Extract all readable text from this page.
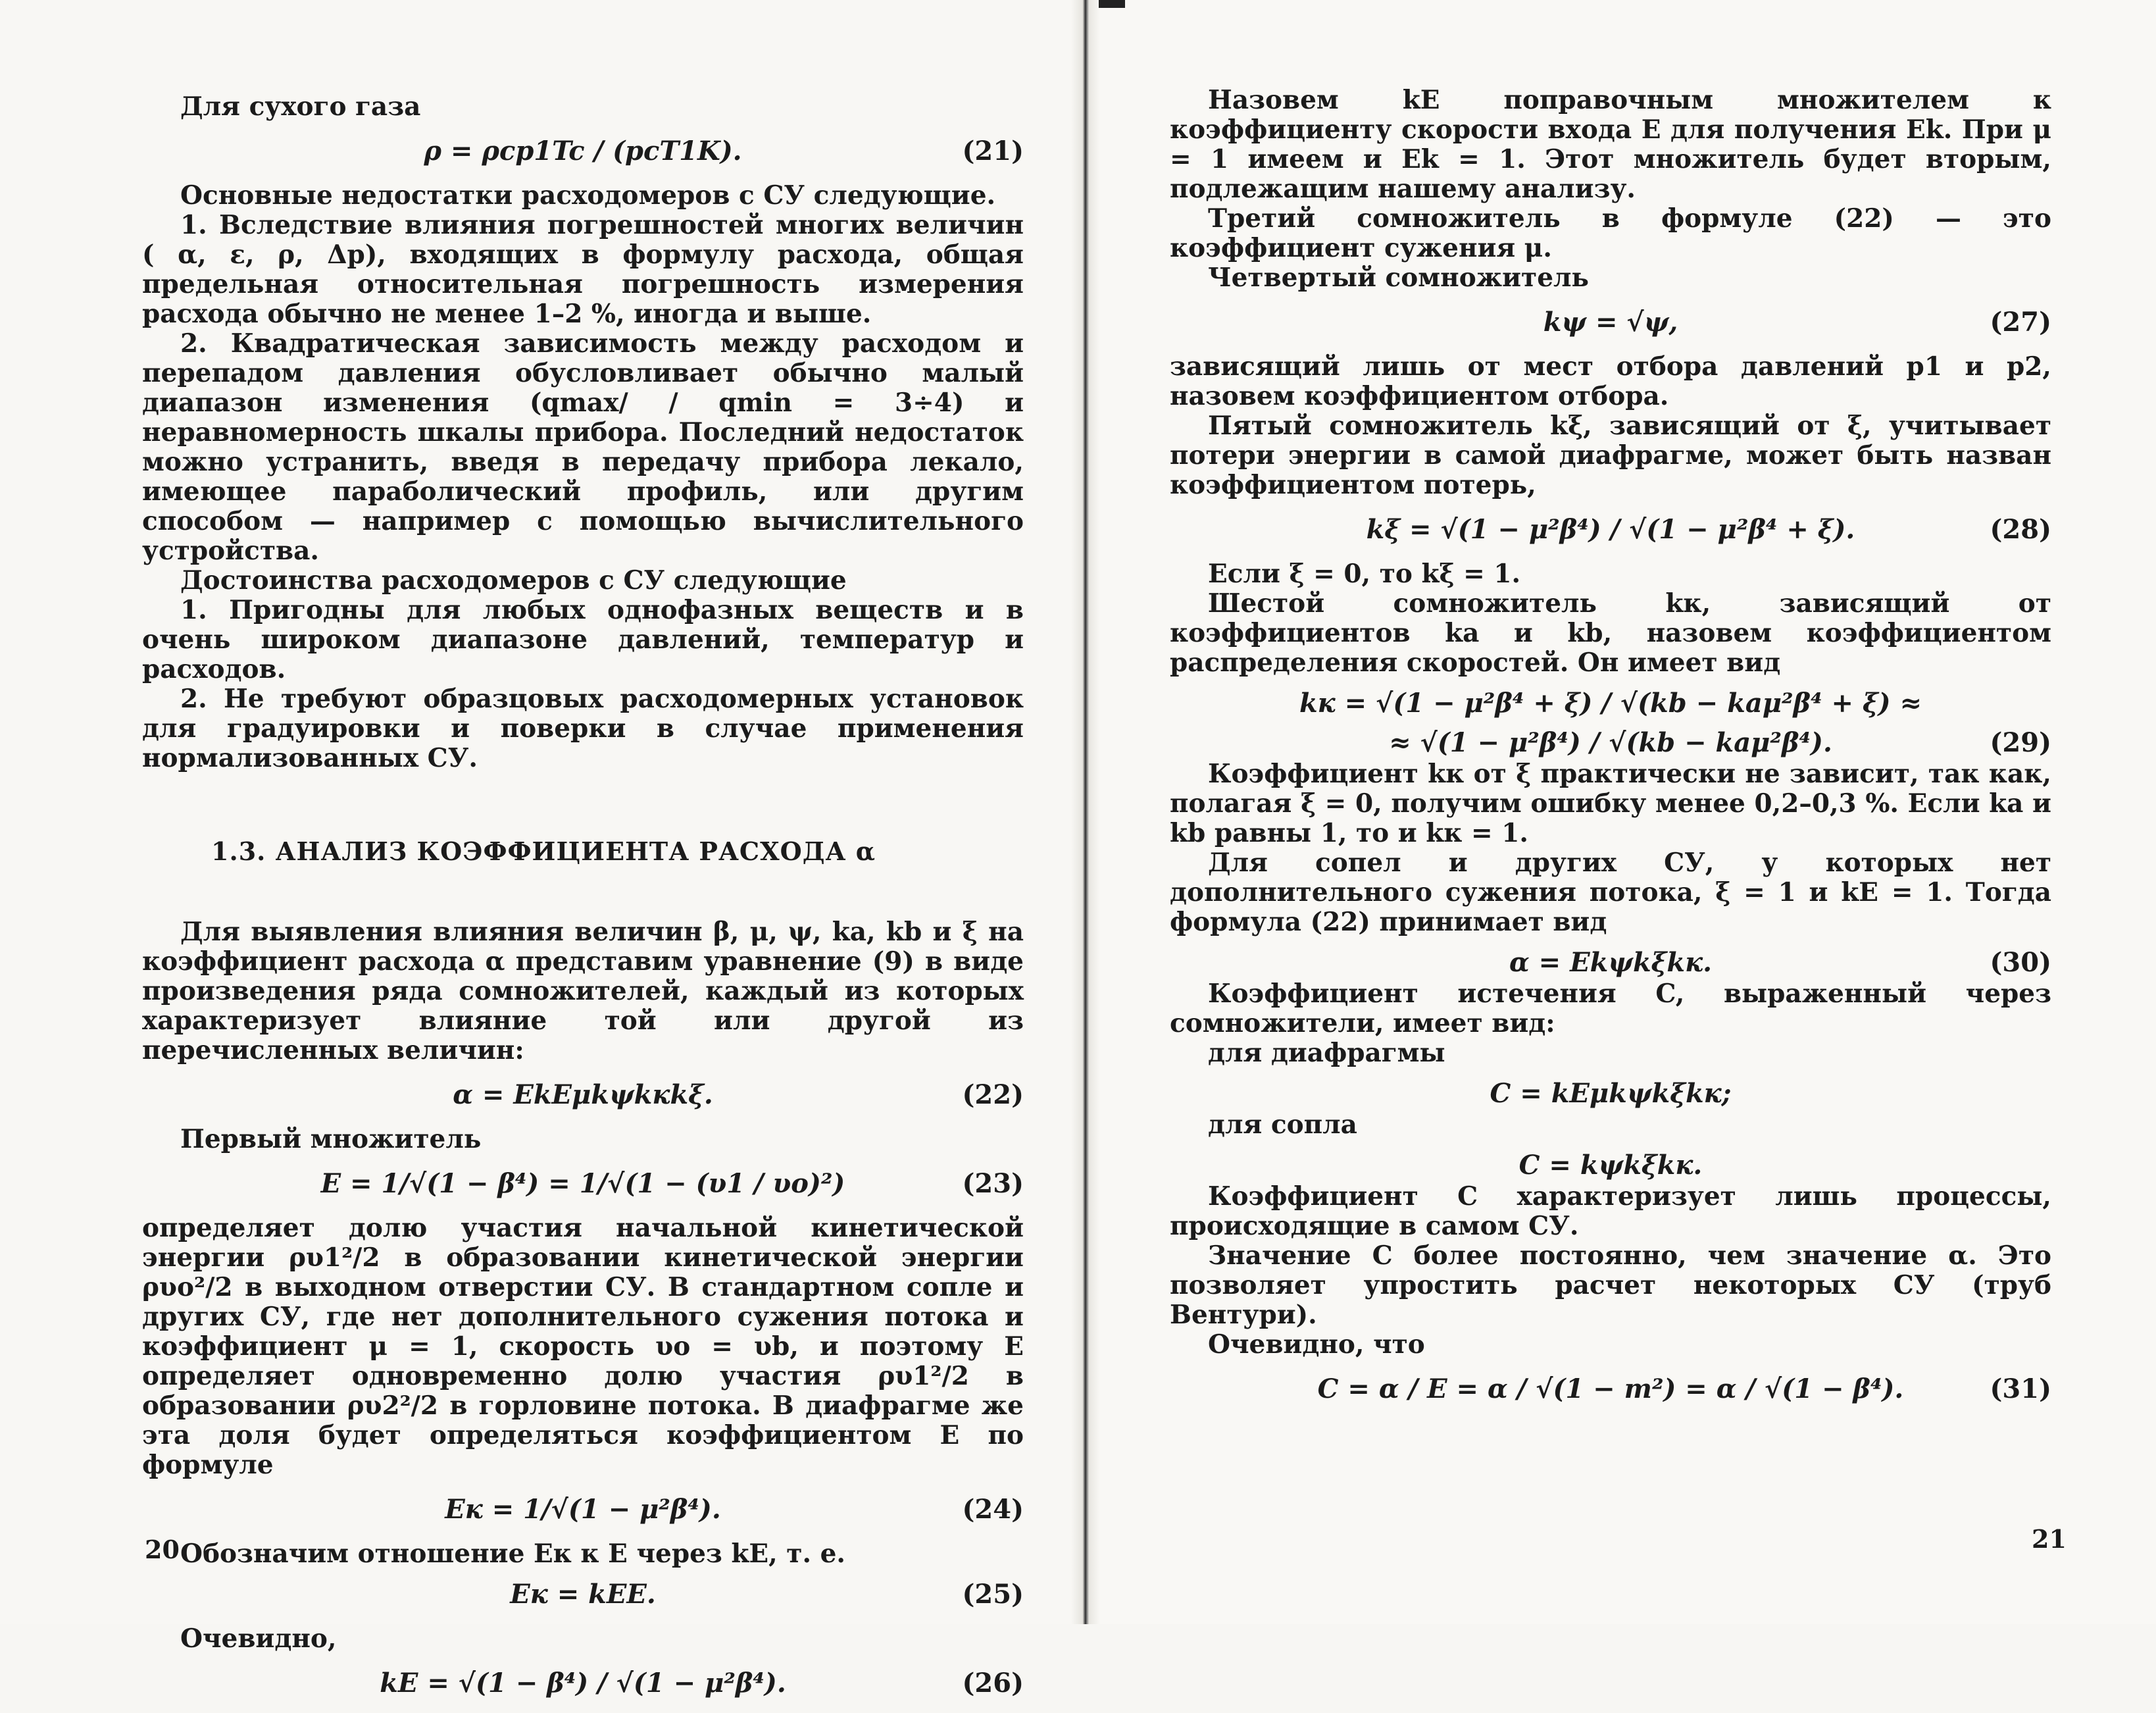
Для сухого газа

ρ = ρcp1Tc / (pcT1K).	(21)

Основные недостатки расходомеров с СУ следующие.

1. Вследствие влияния погрешностей многих величин ( α, ε, ρ, Δp), входящих в формулу расхода, общая предельная относительная погрешность измерения расхода обычно не менее 1–2 %, иногда и выше.

2. Квадратическая зависимость между расходом и перепадом давления обусловливает обычно малый диапазон изменения (qmax/ / qmin = 3÷4) и неравномерность шкалы прибора. Последний недостаток можно устранить, введя в передачу прибора лекало, имеющее параболический профиль, или другим способом — например с помощью вычислительного устройства.

Достоинства расходомеров с СУ следующие

1. Пригодны для любых однофазных веществ и в очень широком диапазоне давлений, температур и расходов.

2. Не требуют образцовых расходомерных установок для градуировки и поверки в случае применения нормализованных СУ.

1.3. АНАЛИЗ КОЭФФИЦИЕНТА РАСХОДА α

Для выявления влияния величин β, μ, ψ, ka, kb и ξ на коэффициент расхода α представим уравнение (9) в виде произведения ряда сомножителей, каждый из которых характеризует влияние той или другой из перечисленных величин:

α = EkEμkψkкkξ.	(22)

Первый множитель

E = 1/√(1 − β⁴) = 1/√(1 − (υ1 / υo)²)	(23)

определяет долю участия начальной кинетической энергии ρυ1²/2 в образовании кинетической энергии ρυo²/2 в выходном отверстии СУ. В стандартном сопле и других СУ, где нет дополнительного сужения потока и коэффициент μ = 1, скорость υo = υb, и поэтому E определяет одновременно долю участия ρυ1²/2 в образовании ρυ2²/2 в горловине потока. В диафрагме же эта доля будет определяться коэффициентом E по формуле

Eк = 1/√(1 − μ²β⁴).	(24)

Обозначим отношение Eк к E через kE, т. е.

Eк = kEE.	(25)

Очевидно,

kE = √(1 − β⁴) / √(1 − μ²β⁴).	(26)
20

Назовем kE поправочным множителем к коэффициенту скорости входа E для получения Ek. При μ = 1 имеем и Ek = 1. Этот множитель будет вторым, подлежащим нашему анализу.

Третий сомножитель в формуле (22) — это коэффициент сужения μ.

Четвертый сомножитель

kψ = √ψ,	(27)

зависящий лишь от мест отбора давлений p1 и p2, назовем коэффициентом отбора.

Пятый сомножитель kξ, зависящий от ξ, учитывает потери энергии в самой диафрагме, может быть назван коэффициентом потерь,

kξ = √(1 − μ²β⁴) / √(1 − μ²β⁴ + ξ).	(28)

Если ξ = 0, то kξ = 1.

Шестой сомножитель kк, зависящий от коэффициентов ka и kb, назовем коэффициентом распределения скоростей. Он имеет вид

kк = √(1 − μ²β⁴ + ξ) / √(kb − kaμ²β⁴ + ξ) ≈
≈ √(1 − μ²β⁴) / √(kb − kaμ²β⁴).	(29)

Коэффициент kк от ξ практически не зависит, так как, полагая ξ = 0, получим ошибку менее 0,2–0,3 %. Если ka и kb равны 1, то и kк = 1.

Для сопел и других СУ, у которых нет дополнительного сужения потока, ξ = 1 и kE = 1. Тогда формула (22) принимает вид

α = Ekψkξkк.	(30)

Коэффициент истечения C, выраженный через сомножители, имеет вид:

для диафрагмы

C = kEμkψkξkк;

для сопла

C = kψkξkк.

Коэффициент C характеризует лишь процессы, происходящие в самом СУ.

Значение C более постоянно, чем значение α. Это позволяет упростить расчет некоторых СУ (труб Вентури).

Очевидно, что

C = α / E = α / √(1 − m²) = α / √(1 − β⁴).	(31)
21
